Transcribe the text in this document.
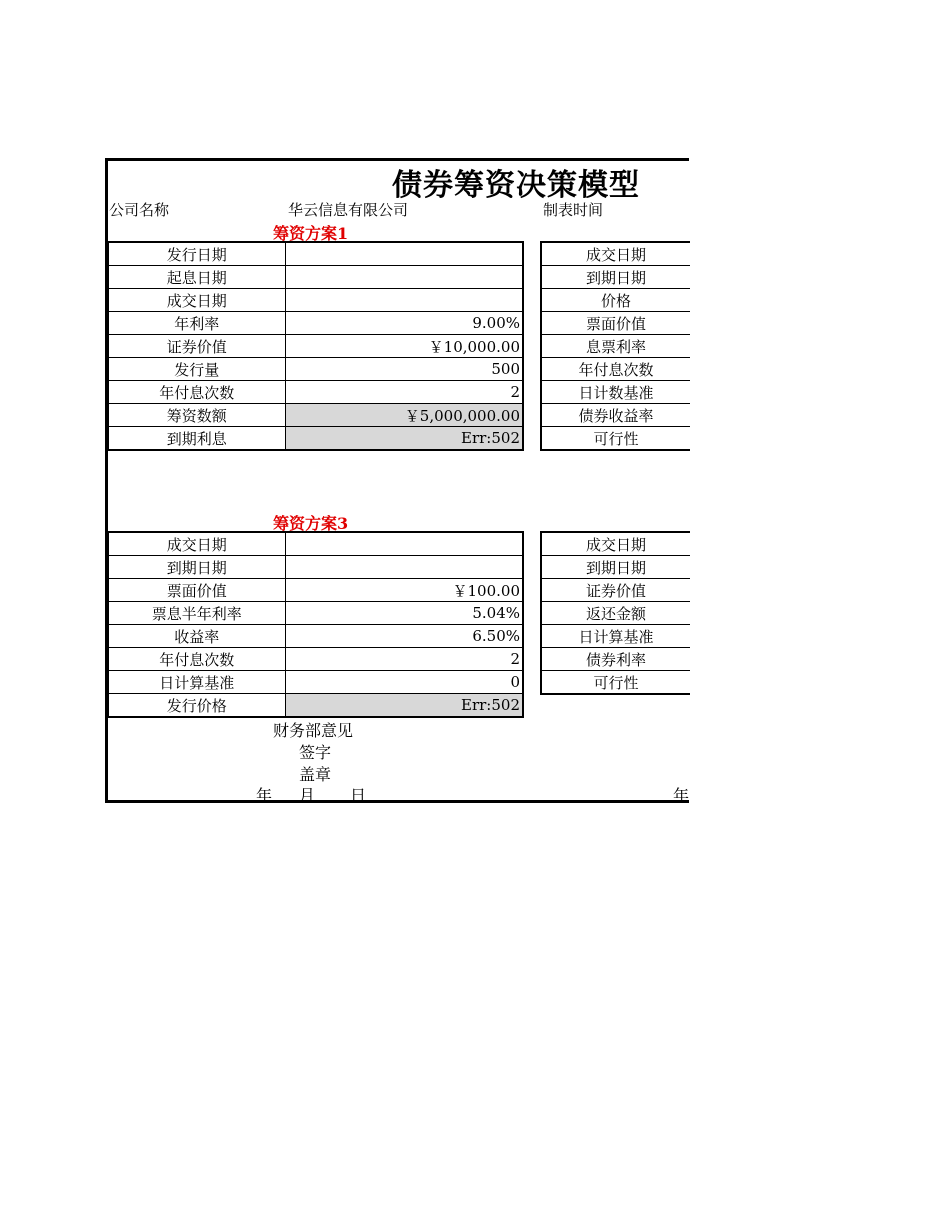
债券筹资决策模型
公司名称	华云信息有限公司	制表时间
筹资方案1
发行日期	
起息日期	
成交日期	
年利率	9.00%
证券价值	￥10,000.00
发行量	500
年付息次数	2
筹资数额	￥5,000,000.00
到期利息	Err:502
成交日期
到期日期
价格
票面价值
息票利率
年付息次数
日计数基准
债券收益率
可行性
筹资方案3
成交日期	
到期日期	
票面价值	￥100.00
票息半年利率	5.04%
收益率	6.50%
年付息次数	2
日计算基准	0
发行价格	Err:502
成交日期
到期日期
证券价值
返还金额
日计算基准
债券利率
可行性
财务部意见
签字
盖章
年 月 日	年
